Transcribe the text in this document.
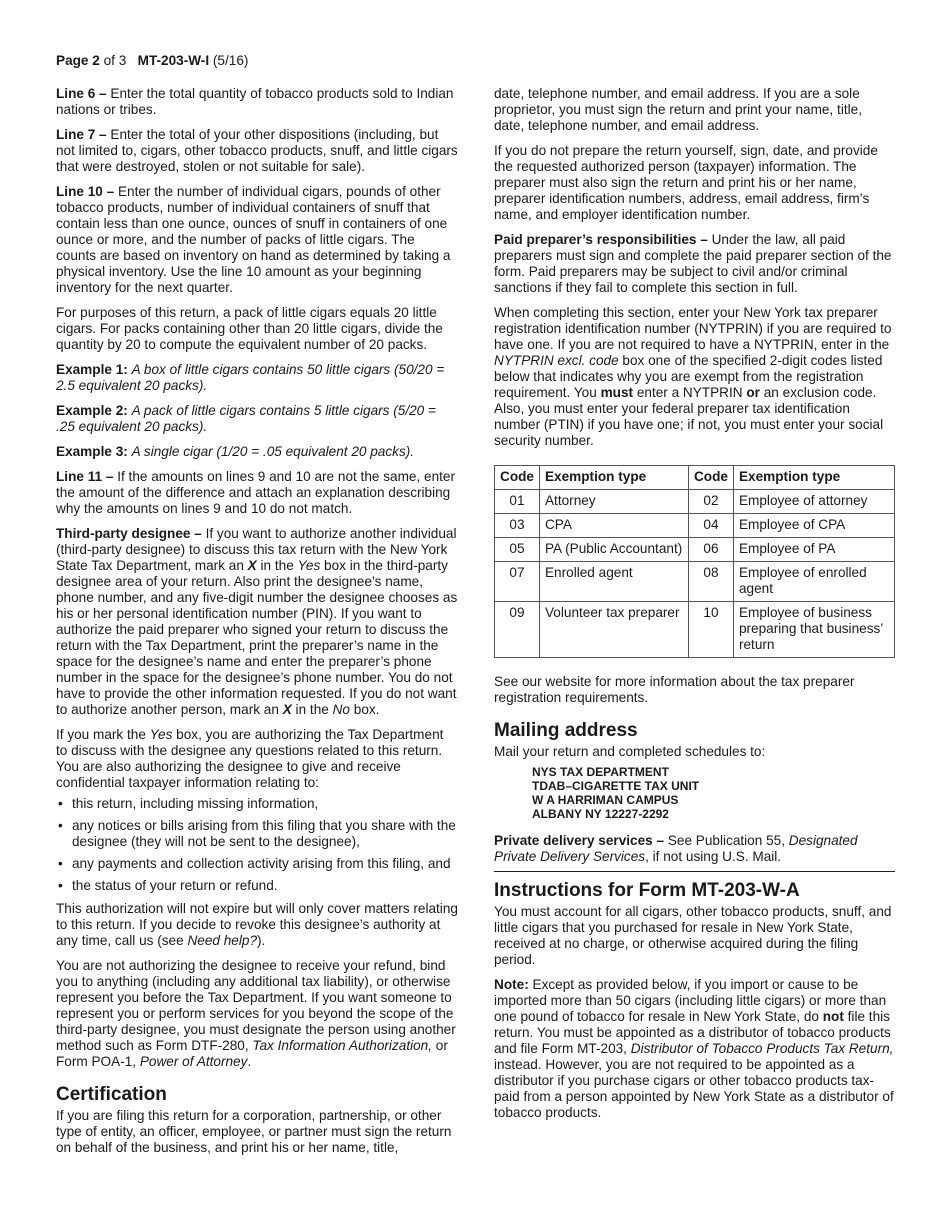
Page 2 of 3 MT-203-W-I (5/16)

Line 6 – Enter the total quantity of tobacco products sold to Indian nations or tribes.

Line 7 – Enter the total of your other dispositions (including, but not limited to, cigars, other tobacco products, snuff, and little cigars that were destroyed, stolen or not suitable for sale).

Line 10 – Enter the number of individual cigars, pounds of other tobacco products, number of individual containers of snuff that contain less than one ounce, ounces of snuff in containers of one ounce or more, and the number of packs of little cigars. The counts are based on inventory on hand as determined by taking a physical inventory. Use the line 10 amount as your beginning inventory for the next quarter.

For purposes of this return, a pack of little cigars equals 20 little cigars. For packs containing other than 20 little cigars, divide the quantity by 20 to compute the equivalent number of 20 packs.

Example 1: A box of little cigars contains 50 little cigars (50/20 = 2.5 equivalent 20 packs).

Example 2: A pack of little cigars contains 5 little cigars (5/20 = .25 equivalent 20 packs).

Example 3: A single cigar (1/20 = .05 equivalent 20 packs).

Line 11 – If the amounts on lines 9 and 10 are not the same, enter the amount of the difference and attach an explanation describing why the amounts on lines 9 and 10 do not match.

Third-party designee – If you want to authorize another individual (third-party designee) to discuss this tax return with the New York State Tax Department, mark an X in the Yes box in the third-party designee area of your return. Also print the designee’s name, phone number, and any five-digit number the designee chooses as his or her personal identification number (PIN). If you want to authorize the paid preparer who signed your return to discuss the return with the Tax Department, print the preparer’s name in the space for the designee’s name and enter the preparer’s phone number in the space for the designee’s phone number. You do not have to provide the other information requested. If you do not want to authorize another person, mark an X in the No box.

If you mark the Yes box, you are authorizing the Tax Department to discuss with the designee any questions related to this return. You are also authorizing the designee to give and receive confidential taxpayer information relating to:

• this return, including missing information,
• any notices or bills arising from this filing that you share with the designee (they will not be sent to the designee),
• any payments and collection activity arising from this filing, and
• the status of your return or refund.

This authorization will not expire but will only cover matters relating to this return. If you decide to revoke this designee’s authority at any time, call us (see Need help?).

You are not authorizing the designee to receive your refund, bind you to anything (including any additional tax liability), or otherwise represent you before the Tax Department. If you want someone to represent you or perform services for you beyond the scope of the third-party designee, you must designate the person using another method such as Form DTF-280, Tax Information Authorization, or Form POA-1, Power of Attorney.

Certification

If you are filing this return for a corporation, partnership, or other type of entity, an officer, employee, or partner must sign the return on behalf of the business, and print his or her name, title,

date, telephone number, and email address. If you are a sole proprietor, you must sign the return and print your name, title, date, telephone number, and email address.

If you do not prepare the return yourself, sign, date, and provide the requested authorized person (taxpayer) information. The preparer must also sign the return and print his or her name, preparer identification numbers, address, email address, firm’s name, and employer identification number.

Paid preparer’s responsibilities – Under the law, all paid preparers must sign and complete the paid preparer section of the form. Paid preparers may be subject to civil and/or criminal sanctions if they fail to complete this section in full.

When completing this section, enter your New York tax preparer registration identification number (NYTPRIN) if you are required to have one. If you are not required to have a NYTPRIN, enter in the NYTPRIN excl. code box one of the specified 2-digit codes listed below that indicates why you are exempt from the registration requirement. You must enter a NYTPRIN or an exclusion code. Also, you must enter your federal preparer tax identification number (PTIN) if you have one; if not, you must enter your social security number.

Code	Exemption type	Code	Exemption type
01	Attorney	02	Employee of attorney
03	CPA	04	Employee of CPA
05	PA (Public Accountant)	06	Employee of PA
07	Enrolled agent	08	Employee of enrolled agent
09	Volunteer tax preparer	10	Employee of business preparing that business’ return

See our website for more information about the tax preparer registration requirements.

Mailing address

Mail your return and completed schedules to:

NYS TAX DEPARTMENT
TDAB–CIGARETTE TAX UNIT
W A HARRIMAN CAMPUS
ALBANY NY 12227-2292

Private delivery services – See Publication 55, Designated Private Delivery Services, if not using U.S. Mail.

Instructions for Form MT-203-W-A

You must account for all cigars, other tobacco products, snuff, and little cigars that you purchased for resale in New York State, received at no charge, or otherwise acquired during the filing period.

Note: Except as provided below, if you import or cause to be imported more than 50 cigars (including little cigars) or more than one pound of tobacco for resale in New York State, do not file this return. You must be appointed as a distributor of tobacco products and file Form MT-203, Distributor of Tobacco Products Tax Return, instead. However, you are not required to be appointed as a distributor if you purchase cigars or other tobacco products tax-paid from a person appointed by New York State as a distributor of tobacco products.
